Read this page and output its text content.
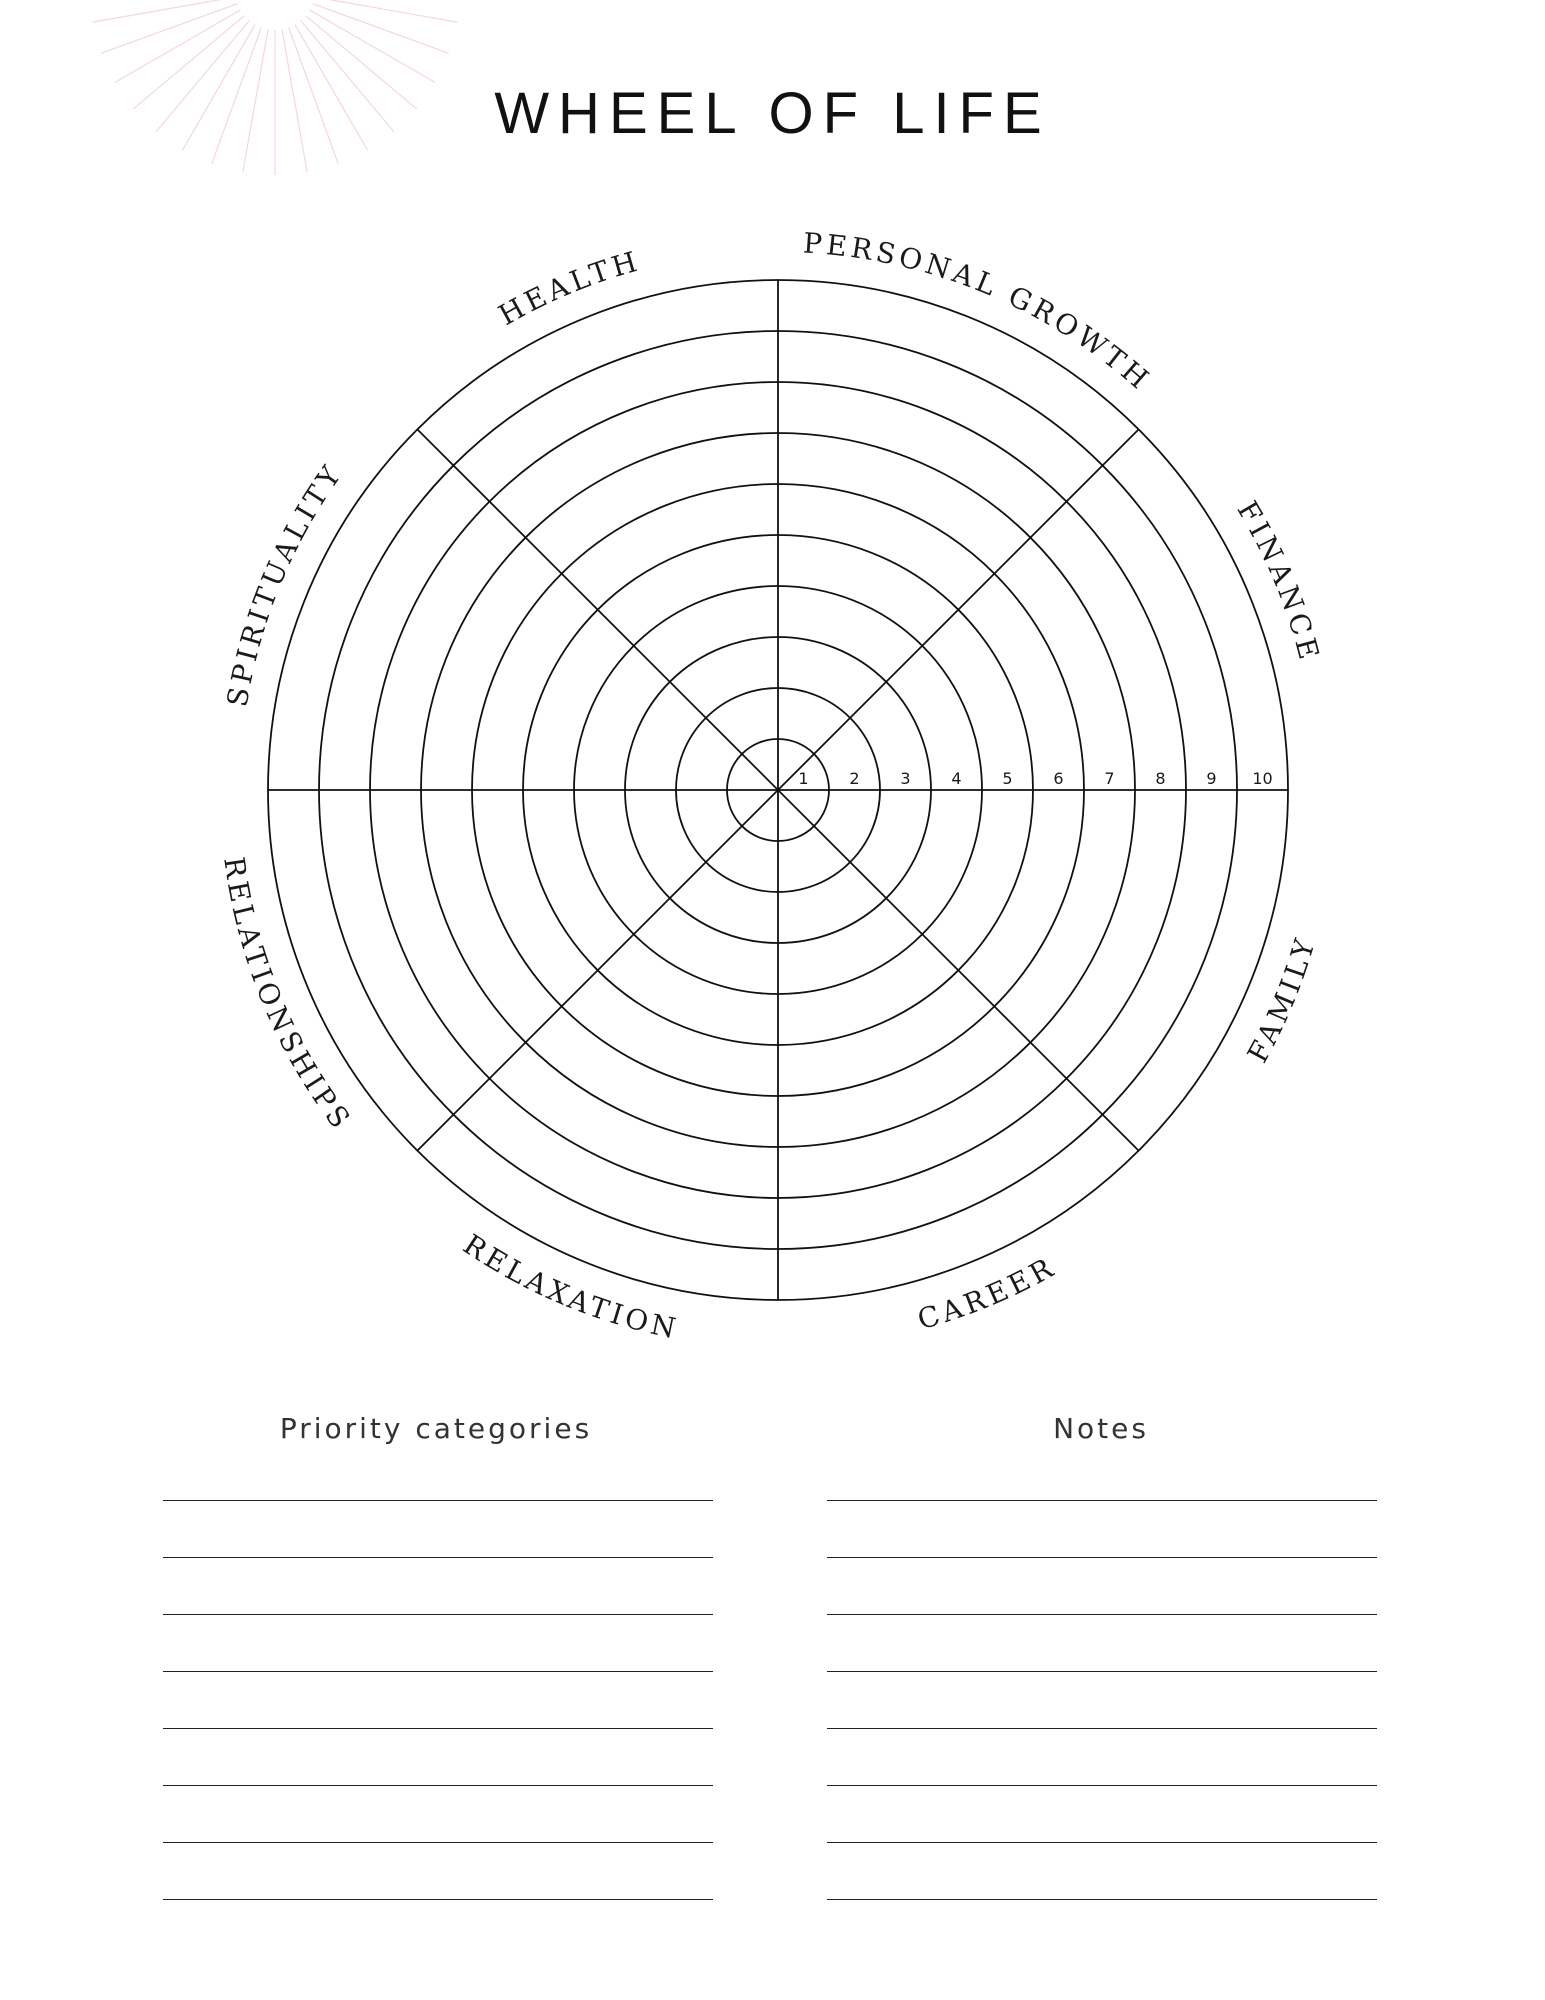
WHEEL OF LIFE
1	2	3	4	5	6	7	8	9 10
PERSONAL GROWTH
FINANCE
FAMILY
CAREER
RELAXATION
RELATIONSHIPS
SPIRITUALITY
HEALTH
Priority categories	Notes
